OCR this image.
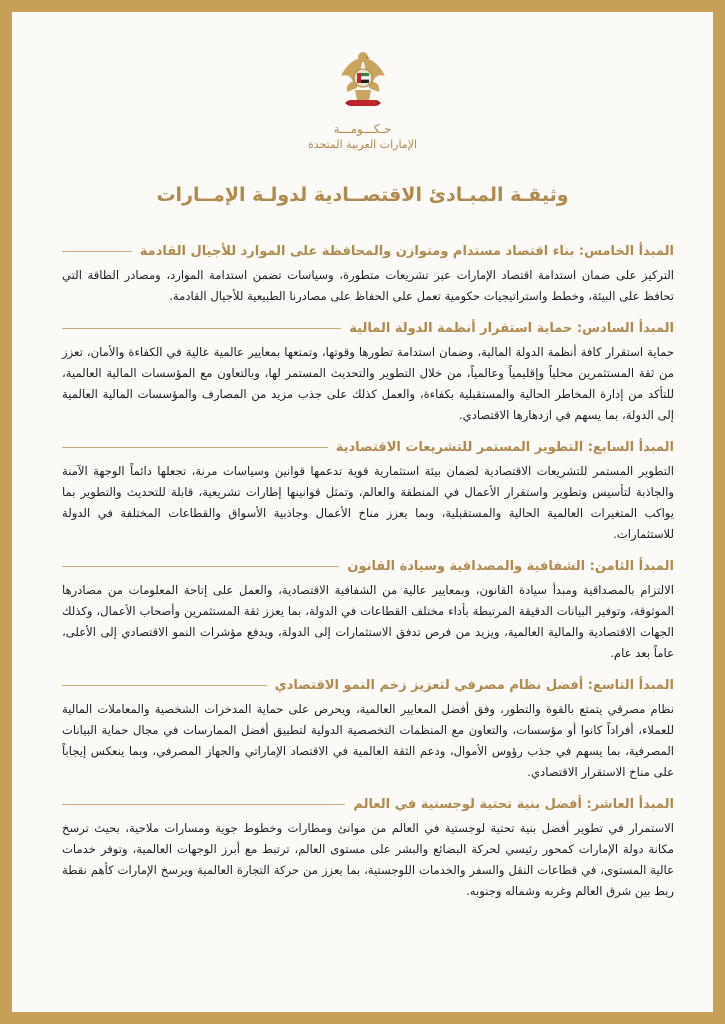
حـكـــومـــة
الإمارات العربية المتحدة
وثيقـة المبـادئ الاقتصــادية لدولـة الإمــارات
المبدأ الخامس: بناء اقتصاد مستدام ومتوازن والمحافظة على الموارد للأجيال القادمة
التركيز على ضمان استدامة اقتصاد الإمارات عبر تشريعات متطورة، وسياسات تضمن استدامة الموارد، ومصادر الطاقة التي تحافظ على البيئة، وخطط واستراتيجيات حكومية تعمل على الحفاظ على مصادرنا الطبيعية للأجيال القادمة.
المبدأ السادس: حماية استقرار أنظمة الدولة المالية
حماية استقرار كافة أنظمة الدولة المالية، وضمان استدامة تطورها وقوتها، وتمتعها بمعايير عالمية عالية في الكفاءة والأمان، تعزز من ثقة المستثمرين محلياً وإقليمياً وعالمياً، من خلال التطوير والتحديث المستمر لها، وبالتعاون مع المؤسسات المالية العالمية، للتأكد من إدارة المخاطر الحالية والمستقبلية بكفاءة، والعمل كذلك على جذب مزيد من المصارف والمؤسسات المالية العالمية إلى الدولة، بما يسهم في ازدهارها الاقتصادي.
المبدأ السابع: التطوير المستمر للتشريعات الاقتصادية
التطوير المستمر للتشريعات الاقتصادية لضمان بيئة استثمارية قوية تدعمها قوانين وسياسات مرنة، تجعلها دائماً الوجهة الآمنة والجاذبة لتأسيس وتطوير واستقرار الأعمال في المنطقة والعالم، وتمثل قوانينها إطارات تشريعية، قابلة للتحديث والتطوير بما يواكب المتغيرات العالمية الحالية والمستقبلية، وبما يعزز مناخ الأعمال وجاذبية الأسواق والقطاعات المختلفة في الدولة للاستثمارات.
المبدأ الثامن: الشفافية والمصداقية وسيادة القانون
الالتزام بالمصداقية ومبدأ سيادة القانون، وبمعايير عالية من الشفافية الاقتصادية، والعمل على إتاحة المعلومات من مصادرها الموثوقة، وتوفير البيانات الدقيقة المرتبطة بأداء مختلف القطاعات في الدولة، بما يعزز ثقة المستثمرين وأصحاب الأعمال، وكذلك الجهات الاقتصادية والمالية العالمية، ويزيد من فرص تدفق الاستثمارات إلى الدولة، ويدفع مؤشرات النمو الاقتصادي إلى الأعلى، عاماً بعد عام.
المبدأ التاسع: أفضل نظام مصرفي لتعزيز زخم النمو الاقتصادي
نظام مصرفي يتمتع بالقوة والتطور، وفق أفضل المعايير العالمية، ويحرص على حماية المدخرات الشخصية والمعاملات المالية للعملاء، أفراداً كانوا أو مؤسسات، والتعاون مع المنظمات التخصصية الدولية لتطبيق أفضل الممارسات في مجال حماية البيانات المصرفية، بما يسهم في جذب رؤوس الأموال، ودعم الثقة العالمية في الاقتصاد الإماراتي والجهاز المصرفي، وبما ينعكس إيجاباً على مناخ الاستقرار الاقتصادي.
المبدأ العاشر: أفضل بنية تحتية لوجستية في العالم
الاستمرار في تطوير أفضل بنية تحتية لوجستية في العالم من موانئ ومطارات وخطوط جوية ومسارات ملاحية، بحيث ترسخ مكانة دولة الإمارات كمحور رئيسي لحركة البضائع والبشر على مستوى العالم، ترتبط مع أبرز الوجهات العالمية، وتوفر خدمات عالية المستوى، في قطاعات النقل والسفر والخدمات اللوجستية، بما يعزز من حركة التجارة العالمية ويرسخ الإمارات كأهم نقطة ربط بين شرق العالم وغربه وشماله وجنوبه.
